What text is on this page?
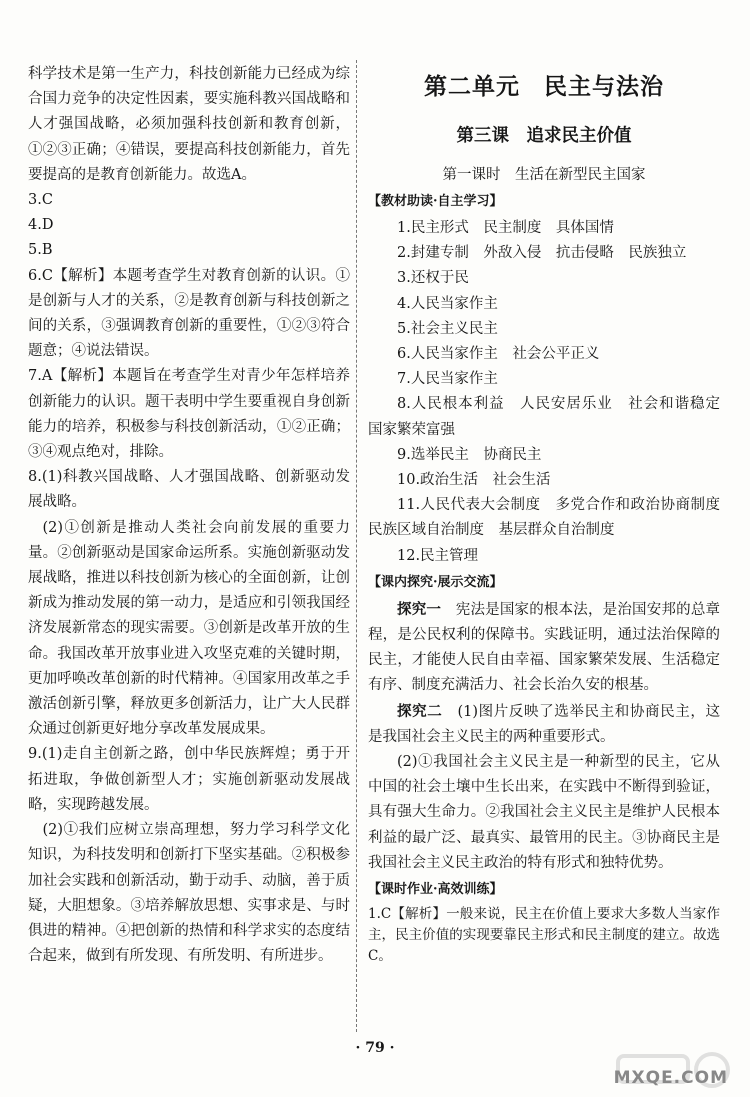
科学技术是第一生产力，科技创新能力已经成为综合国力竞争的决定性因素，要实施科教兴国战略和人才强国战略，必须加强科技创新和教育创新，①②③正确；④错误，要提高科技创新能力，首先要提高的是教育创新能力。故选A。

3.C

4.D

5.B

6.C【解析】本题考查学生对教育创新的认识。①是创新与人才的关系，②是教育创新与科技创新之间的关系，③强调教育创新的重要性，①②③符合题意；④说法错误。

7.A【解析】本题旨在考查学生对青少年怎样培养创新能力的认识。题干表明中学生要重视自身创新能力的培养，积极参与科技创新活动，①②正确；③④观点绝对，排除。

8.(1)科教兴国战略、人才强国战略、创新驱动发展战略。

(2)①创新是推动人类社会向前发展的重要力量。②创新驱动是国家命运所系。实施创新驱动发展战略，推进以科技创新为核心的全面创新，让创新成为推动发展的第一动力，是适应和引领我国经济发展新常态的现实需要。③创新是改革开放的生命。我国改革开放事业进入攻坚克难的关键时期，更加呼唤改革创新的时代精神。④国家用改革之手激活创新引擎，释放更多创新活力，让广大人民群众通过创新更好地分享改革发展成果。

9.(1)走自主创新之路，创中华民族辉煌；勇于开拓进取，争做创新型人才；实施创新驱动发展战略，实现跨越发展。

(2)①我们应树立崇高理想，努力学习科学文化知识，为科技发明和创新打下坚实基础。②积极参加社会实践和创新活动，勤于动手、动脑，善于质疑，大胆想象。③培养解放思想、实事求是、与时俱进的精神。④把创新的热情和科学求实的态度结合起来，做到有所发现、有所发明、有所进步。

第二单元　民主与法治
第三课　追求民主价值
第一课时　生活在新型民主国家
【教材助读·自主学习】

1.民主形式　民主制度　具体国情

2.封建专制　外敌入侵　抗击侵略　民族独立

3.还权于民

4.人民当家作主

5.社会主义民主

6.人民当家作主　社会公平正义

7.人民当家作主

8.人民根本利益　人民安居乐业　社会和谐稳定　国家繁荣富强

9.选举民主　协商民主

10.政治生活　社会生活

11.人民代表大会制度　多党合作和政治协商制度　民族区域自治制度　基层群众自治制度

12.民主管理

【课内探究·展示交流】

探究一　宪法是国家的根本法，是治国安邦的总章程，是公民权利的保障书。实践证明，通过法治保障的民主，才能使人民自由幸福、国家繁荣发展、生活稳定有序、制度充满活力、社会长治久安的根基。

探究二　(1)图片反映了选举民主和协商民主，这是我国社会主义民主的两种重要形式。

(2)①我国社会主义民主是一种新型的民主，它从中国的社会土壤中生长出来，在实践中不断得到验证，具有强大生命力。②我国社会主义民主是维护人民根本利益的最广泛、最真实、最管用的民主。③协商民主是我国社会主义民主政治的特有形式和独特优势。

【课时作业·高效训练】

1.C【解析】一般来说，民主在价值上要求大多数人当家作主，民主价值的实现要靠民主形式和民主制度的建立。故选C。

· 79 ·
MXQE.COM
